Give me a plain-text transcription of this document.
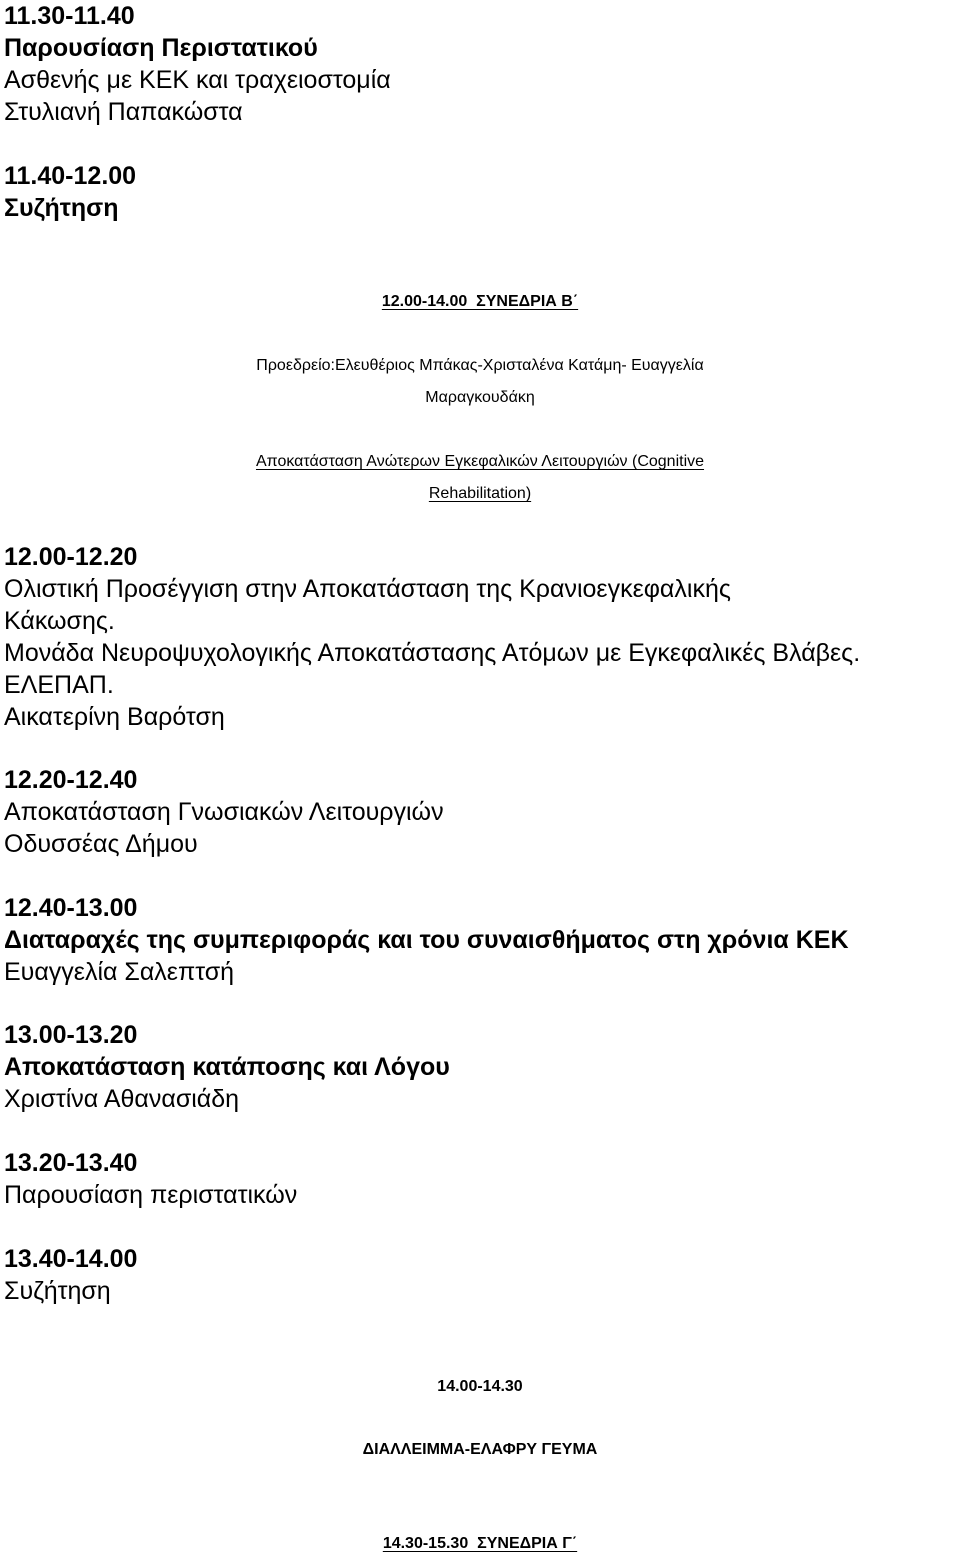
11.30-11.40

Παρουσίαση Περιστατικού

Ασθενής με ΚΕΚ και τραχειοστομία

Στυλιανή Παπακώστα

11.40-12.00

Συζήτηση

12.00-14.00  ΣΥΝΕΔΡΙΑ Β΄

Προεδρείο:Ελευθέριος Μπάκας-Χρισταλένα Κατάμη- Ευαγγελία

Μαραγκουδάκη

Αποκατάσταση Ανώτερων Εγκεφαλικών Λειτουργιών (Cognitive

Rehabilitation)

12.00-12.20

Ολιστική Προσέγγιση στην Αποκατάσταση της Κρανιοεγκεφαλικής

Κάκωσης.

Μονάδα Νευροψυχολογικής Αποκατάστασης Ατόμων με Εγκεφαλικές Βλάβες.

ΕΛΕΠΑΠ.

Αικατερίνη Βαρότση

12.20-12.40

Αποκατάσταση Γνωσιακών Λειτουργιών

Οδυσσέας Δήμου

12.40-13.00

Διαταραχές της συμπεριφοράς και του συναισθήματος στη χρόνια ΚΕΚ

Ευαγγελία Σαλεπτσή

13.00-13.20

Αποκατάσταση κατάποσης και Λόγου

Χριστίνα Αθανασιάδη

13.20-13.40

Παρουσίαση περιστατικών

13.40-14.00

Συζήτηση

14.00-14.30

ΔΙΑΛΛΕΙΜΜΑ-ΕΛΑΦΡΥ ΓΕΥΜΑ

14.30-15.30  ΣΥΝΕΔΡΙΑ Γ΄
